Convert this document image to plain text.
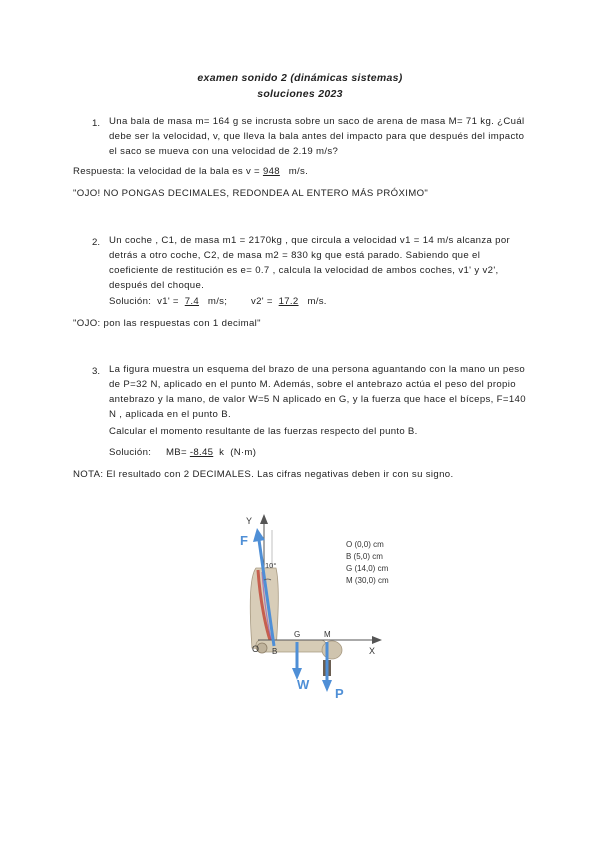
examen sonido 2 (dinámicas sistemas)
soluciones 2023
1. Una bala de masa m= 164 g se incrusta sobre un saco de arena de masa M= 71 kg. ¿Cuál debe ser la velocidad, v, que lleva la bala antes del impacto para que después del impacto el saco se mueva con una velocidad de 2.19 m/s?
Respuesta: la velocidad de la bala es v = 948 m/s.
"OJO! NO PONGAS DECIMALES, REDONDEA AL ENTERO MÁS PRÓXIMO"
2. Un coche , C1, de masa m1 = 2170kg , que circula a velocidad v1 = 14 m/s alcanza por detrás a otro coche, C2, de masa m2 = 830 kg que está parado. Sabiendo que el coeficiente de restitución es e= 0.7 , calcula la velocidad de ambos coches, v1' y v2', después del choque.
Solución:  v1' =  7.4 m/s; v2' =  17.2 m/s.
"OJO: pon las respuestas con 1 decimal"
3. La figura muestra un esquema del brazo de una persona aguantando con la mano un peso de P=32 N, aplicado en el punto M. Además, sobre el antebrazo actúa el peso del propio antebrazo y la mano, de valor W=5 N aplicado en G, y la fuerza que hace el bíceps, F=140 N , aplicada en el punto B.
Calcular el momento resultante de las fuerzas respecto del punto B.
Solución:     MB= -8.45 k  (N·m)
NOTA: El resultado con 2 DECIMALES. Las cifras negativas deben ir con su signo.
Y
X
F
W
P
O B
G	M
10°
O (0,0) cm
B (5,0) cm
G (14,0) cm
M (30,0) cm
